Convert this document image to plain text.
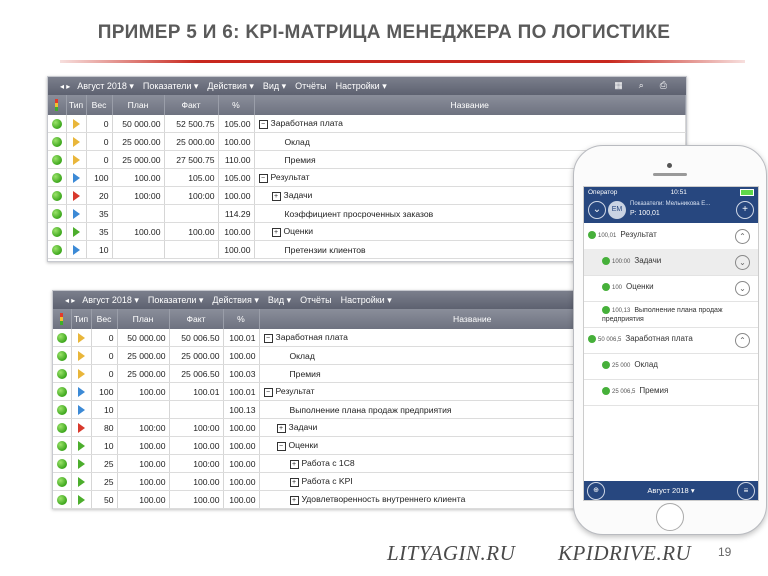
ПРИМЕР 5 И 6: KPI-МАТРИЦА МЕНЕДЖЕРА ПО ЛОГИСТИКЕ
◂ ▸ Август 2018 ▾ Показатели ▾ Действия ▾ Вид ▾ Отчёты Настройки ▾	▦ ⌕ ⎙
	Тип	Вес	План	Факт	%	Название
		0	50 000.00	52 500.75	105.00	− Заработная плата
		0	25 000.00	25 000.00	100.00	Оклад
		0	25 000.00	27 500.75	110.00	Премия
		100	100.00	105.00	105.00	− Результат
		20	100:00	100:00	100.00	+ Задачи
		35			114.29	Коэффициент просроченных заказов
		35	100.00	100.00	100.00	+ Оценки
		10			100.00	Претензии клиентов
◂ ▸ Август 2018 ▾ Показатели ▾ Действия ▾ Вид ▾ Отчёты Настройки ▾
	Тип	Вес	План	Факт	%	Название
		0	50 000.00	50 006.50	100.01	− Заработная плата
		0	25 000.00	25 000.00	100.00	Оклад
		0	25 000.00	25 006.50	100.03	Премия
		100	100.00	100.01	100.01	− Результат
		10			100.13	Выполнение плана продаж предприятия
		80	100:00	100:00	100.00	+ Задачи
		10	100.00	100.00	100.00	− Оценки
		25	100.00	100:00	100.00	+ Работа с 1С8
		25	100.00	100.00	100.00	+ Работа с KPI
		50	100.00	100.00	100.00	+ Удовлетворенность внутреннего клиента
Оператор	10:51
⌄	ЕМ
Показатели: Мельникова Е...
Р: 100,01	+
100,01 Результат	⌃
100:00 Задачи	⌄
100 Оценки	⌄
100,13 Выполнение плана продаж предприятия
50 006,5 Заработная плата	⌃
25 000 Оклад
25 006,5 Премия
⊕	Август 2018 ▾	≡
LITYAGIN.RU KPIDRIVE.RU 19
